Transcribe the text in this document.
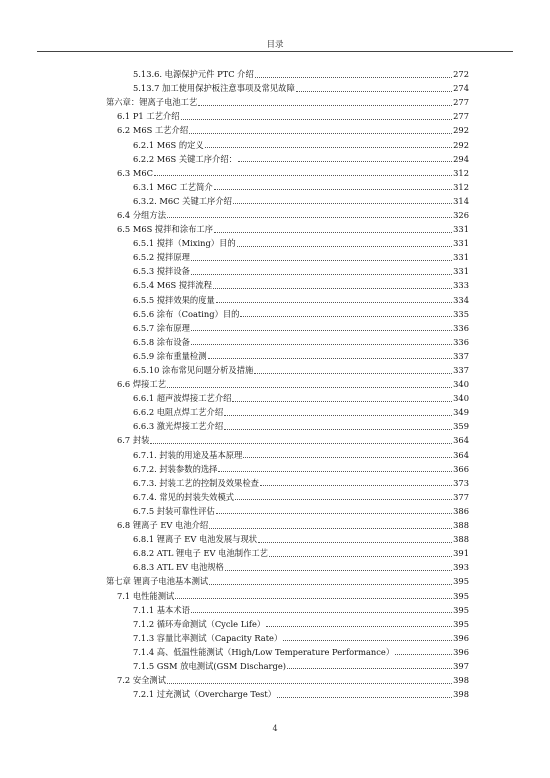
目录
5.13.6. 电源保护元件 PTC 介绍	272
5.13.7 加工使用保护板注意事项及常见故障	274
第六章：锂离子电池工艺	277
6.1 P1 工艺介绍	277
6.2 M6S 工艺介绍	292
6.2.1 M6S 的定义	292
6.2.2 M6S 关键工序介绍：	294
6.3 M6C	312
6.3.1 M6C 工艺简介	312
6.3.2. M6C 关键工序介绍	314
6.4 分组方法	326
6.5 M6S 搅拌和涂布工序	331
6.5.1 搅拌（Mixing）目的	331
6.5.2 搅拌原理	331
6.5.3 搅拌设备	331
6.5.4 M6S 搅拌流程	333
6.5.5 搅拌效果的度量	334
6.5.6 涂布（Coating）目的	335
6.5.7 涂布原理	336
6.5.8 涂布设备	336
6.5.9 涂布重量检测	337
6.5.10 涂布常见问题分析及措施	337
6.6 焊接工艺	340
6.6.1 超声波焊接工艺介绍	340
6.6.2 电阻点焊工艺介绍	349
6.6.3 激光焊接工艺介绍	359
6.7 封装	364
6.7.1. 封装的用途及基本原理	364
6.7.2. 封装参数的选择	366
6.7.3. 封装工艺的控制及效果检查	373
6.7.4. 常见的封装失效模式	377
6.7.5 封装可靠性评估	386
6.8 锂离子 EV 电池介绍	388
6.8.1 锂离子 EV 电池发展与现状	388
6.8.2 ATL 锂电子 EV 电池制作工艺	391
6.8.3 ATL EV 电池规格	393
第七章 锂离子电池基本测试	395
7.1 电性能测试	395
7.1.1 基本术语	395
7.1.2 循环寿命测试（Cycle Life）	395
7.1.3 容量比率测试（Capacity Rate）	396
7.1.4 高、低温性能测试（High/Low Temperature Performance）	396
7.1.5 GSM 放电测试(GSM Discharge)	397
7.2 安全测试	398
7.2.1 过充测试（Overcharge Test）	398
4
